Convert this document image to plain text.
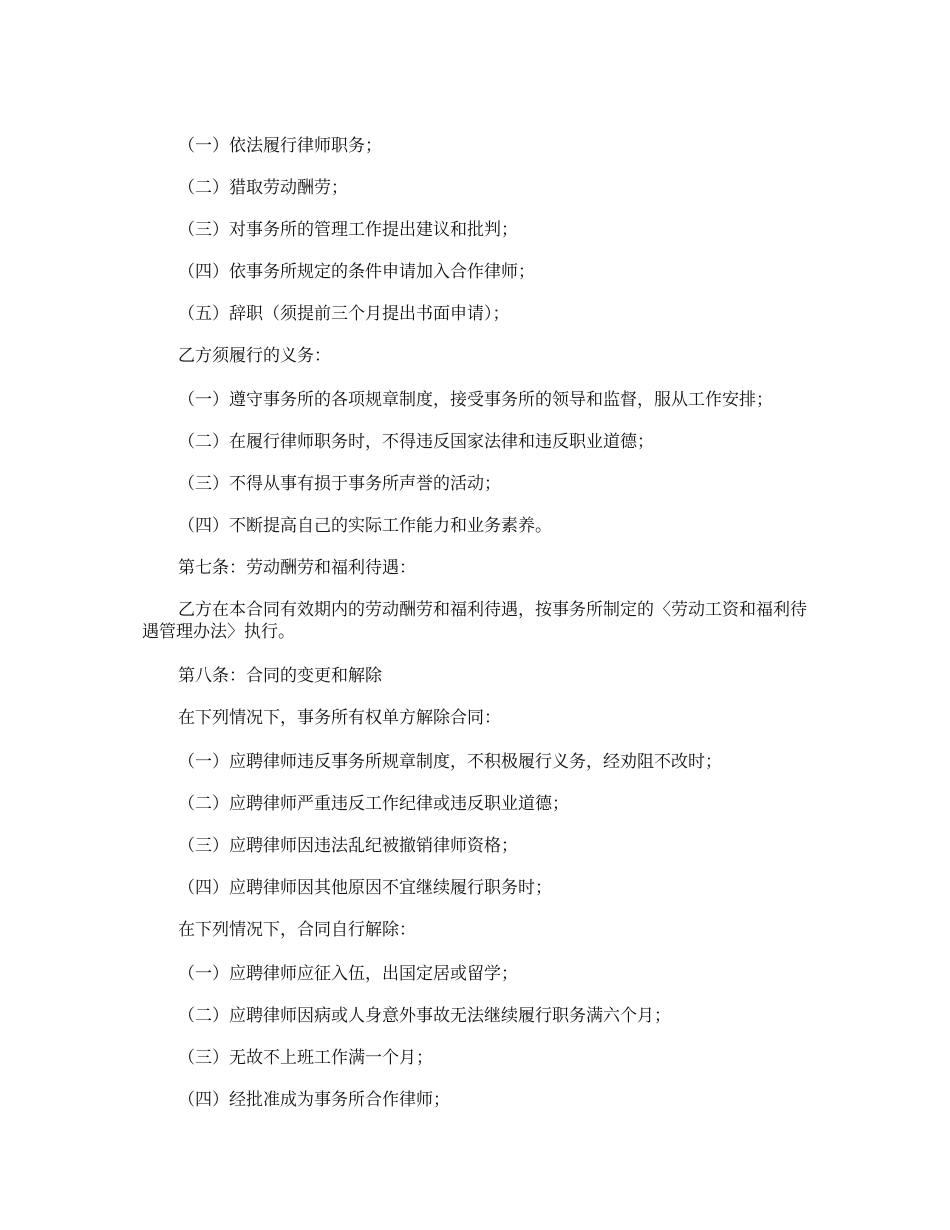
（一）依法履行律师职务；
（二）猎取劳动酬劳；
（三）对事务所的管理工作提出建议和批判；
（四）依事务所规定的条件申请加入合作律师；
（五）辞职（须提前三个月提出书面申请）；
乙方须履行的义务：
（一）遵守事务所的各项规章制度，接受事务所的领导和监督，服从工作安排；
（二）在履行律师职务时，不得违反国家法律和违反职业道德；
（三）不得从事有损于事务所声誉的活动；
（四）不断提高自己的实际工作能力和业务素养。
第七条：劳动酬劳和福利待遇：
乙方在本合同有效期内的劳动酬劳和福利待遇，按事务所制定的〈劳动工资和福利待遇管理办法〉执行。
第八条：合同的变更和解除
在下列情况下，事务所有权单方解除合同：
（一）应聘律师违反事务所规章制度，不积极履行义务，经劝阻不改时；
（二）应聘律师严重违反工作纪律或违反职业道德；
（三）应聘律师因违法乱纪被撤销律师资格；
（四）应聘律师因其他原因不宜继续履行职务时；
在下列情况下，合同自行解除：
（一）应聘律师应征入伍，出国定居或留学；
（二）应聘律师因病或人身意外事故无法继续履行职务满六个月；
（三）无故不上班工作满一个月；
（四）经批准成为事务所合作律师；
